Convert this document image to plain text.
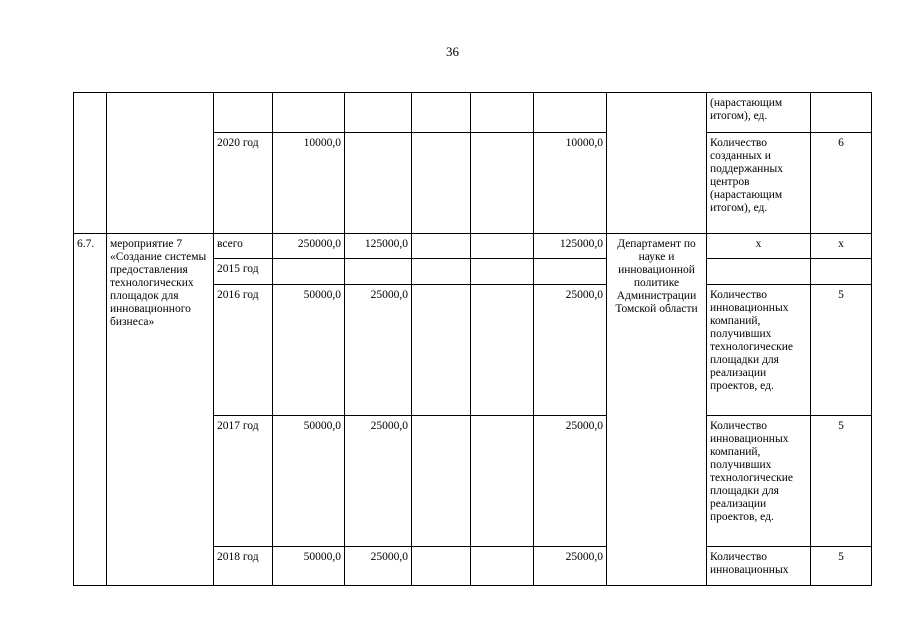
36
									(нарастающим итогом), ед.	
		2020 год	10000,0				10000,0		Количество созданных и поддержанных центров (нарастающим итогом), ед.	6
6.7.	мероприятие 7 «Создание системы предоставления технологических площадок для инновационного бизнеса»	всего	250000,0	125000,0			125000,0	Департамент по науке и инновационной политике Администрации Томской области	x	x
		2015 год								
		2016 год	50000,0	25000,0			25000,0		Количество инновационных компаний, получивших технологические площадки для реализации проектов, ед.	5
		2017 год	50000,0	25000,0			25000,0		Количество инновационных компаний, получивших технологические площадки для реализации проектов, ед.	5
		2018 год	50000,0	25000,0			25000,0		Количество инновационных	5
